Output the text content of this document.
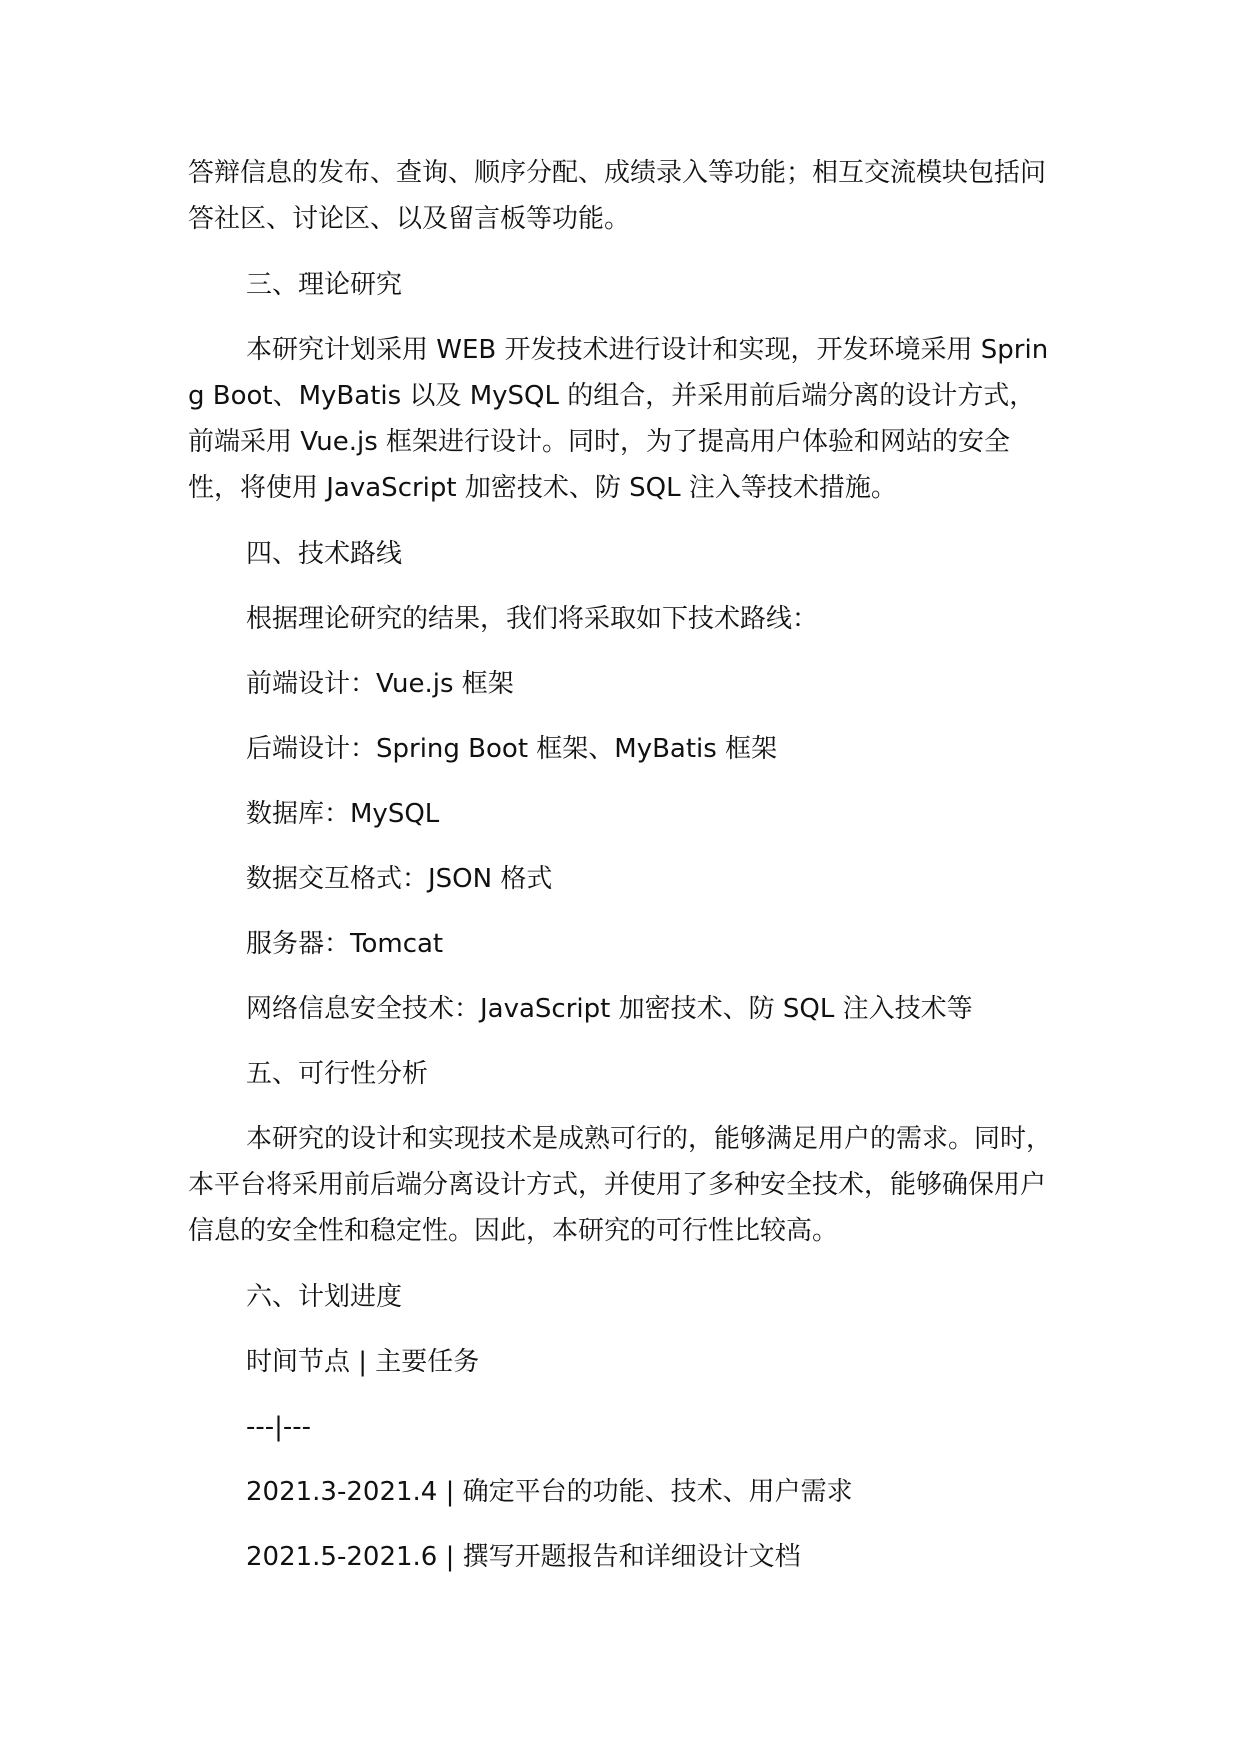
答辩信息的发布、查询、顺序分配、成绩录入等功能；相互交流模块包括问答社区、讨论区、以及留言板等功能。

三、理论研究

本研究计划采用 WEB 开发技术进行设计和实现，开发环境采用 Spring Boot、MyBatis 以及 MySQL 的组合，并采用前后端分离的设计方式，前端采用 Vue.js 框架进行设计。同时，为了提高用户体验和网站的安全性，将使用 JavaScript 加密技术、防 SQL 注入等技术措施。

四、技术路线

根据理论研究的结果，我们将采取如下技术路线：

前端设计：Vue.js 框架

后端设计：Spring Boot 框架、MyBatis 框架

数据库：MySQL

数据交互格式：JSON 格式

服务器：Tomcat

网络信息安全技术：JavaScript 加密技术、防 SQL 注入技术等

五、可行性分析

本研究的设计和实现技术是成熟可行的，能够满足用户的需求。同时，本平台将采用前后端分离设计方式，并使用了多种安全技术，能够确保用户信息的安全性和稳定性。因此，本研究的可行性比较高。

六、计划进度

时间节点 | 主要任务

---|---

2021.3-2021.4 | 确定平台的功能、技术、用户需求

2021.5-2021.6 | 撰写开题报告和详细设计文档
